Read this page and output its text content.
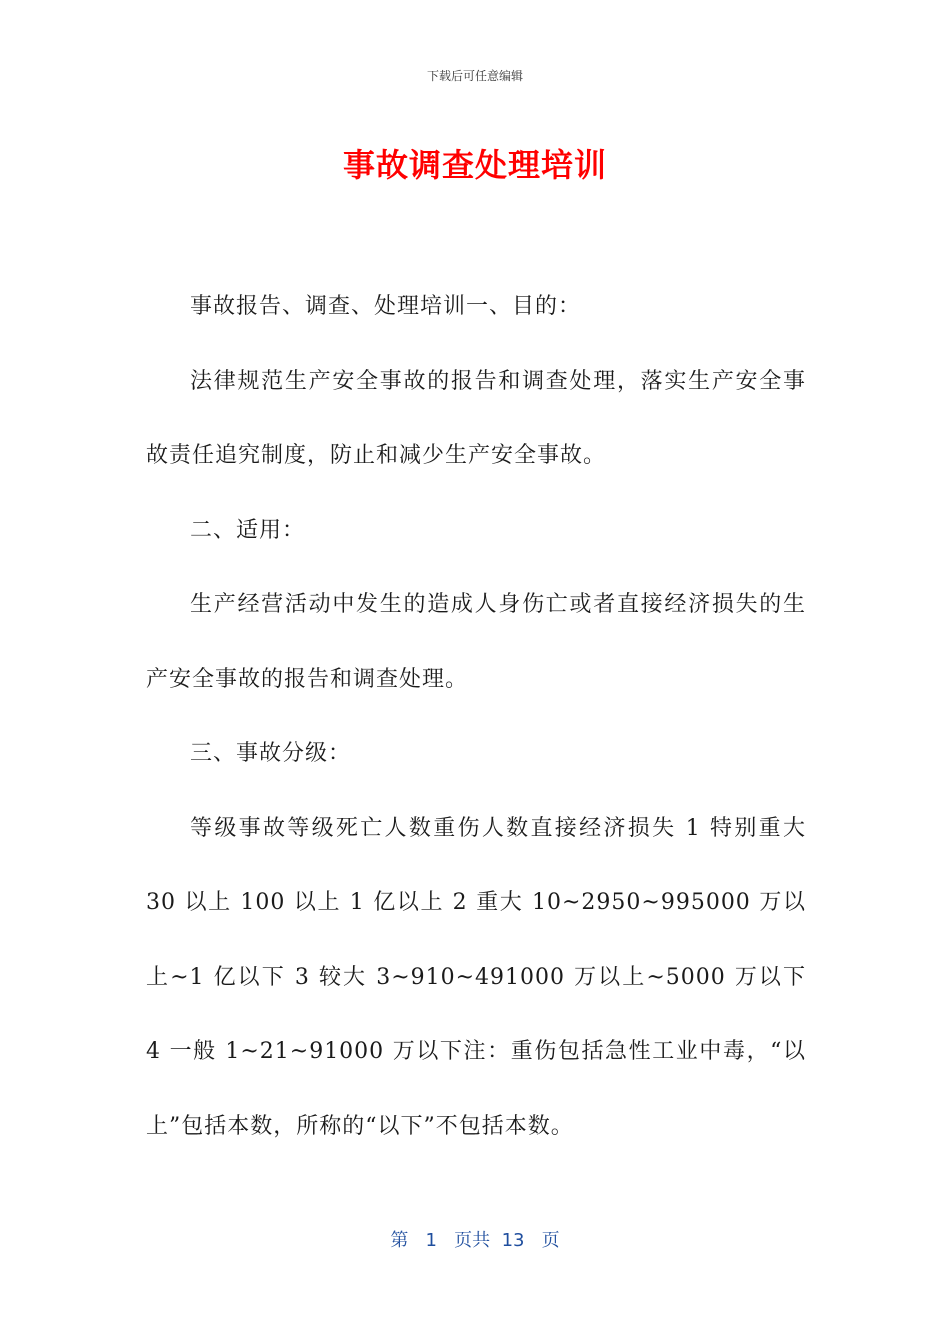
下载后可任意编辑
事故调查处理培训

事故报告、调查、处理培训一、目的：

法律规范生产安全事故的报告和调查处理，落实生产安全事故责任追究制度，防止和减少生产安全事故。

二、适用：

生产经营活动中发生的造成人身伤亡或者直接经济损失的生产安全事故的报告和调查处理。

三、事故分级：

等级事故等级死亡人数重伤人数直接经济损失 1 特别重大 30 以上 100 以上 1 亿以上 2 重大 10~2950~995000 万以上~1 亿以下 3 较大 3~910~491000 万以上~5000 万以下 4 一般 1~21~91000 万以下注：重伤包括急性工业中毒，“以上”包括本数，所称的“以下”不包括本数。

第 1 页共 13 页
